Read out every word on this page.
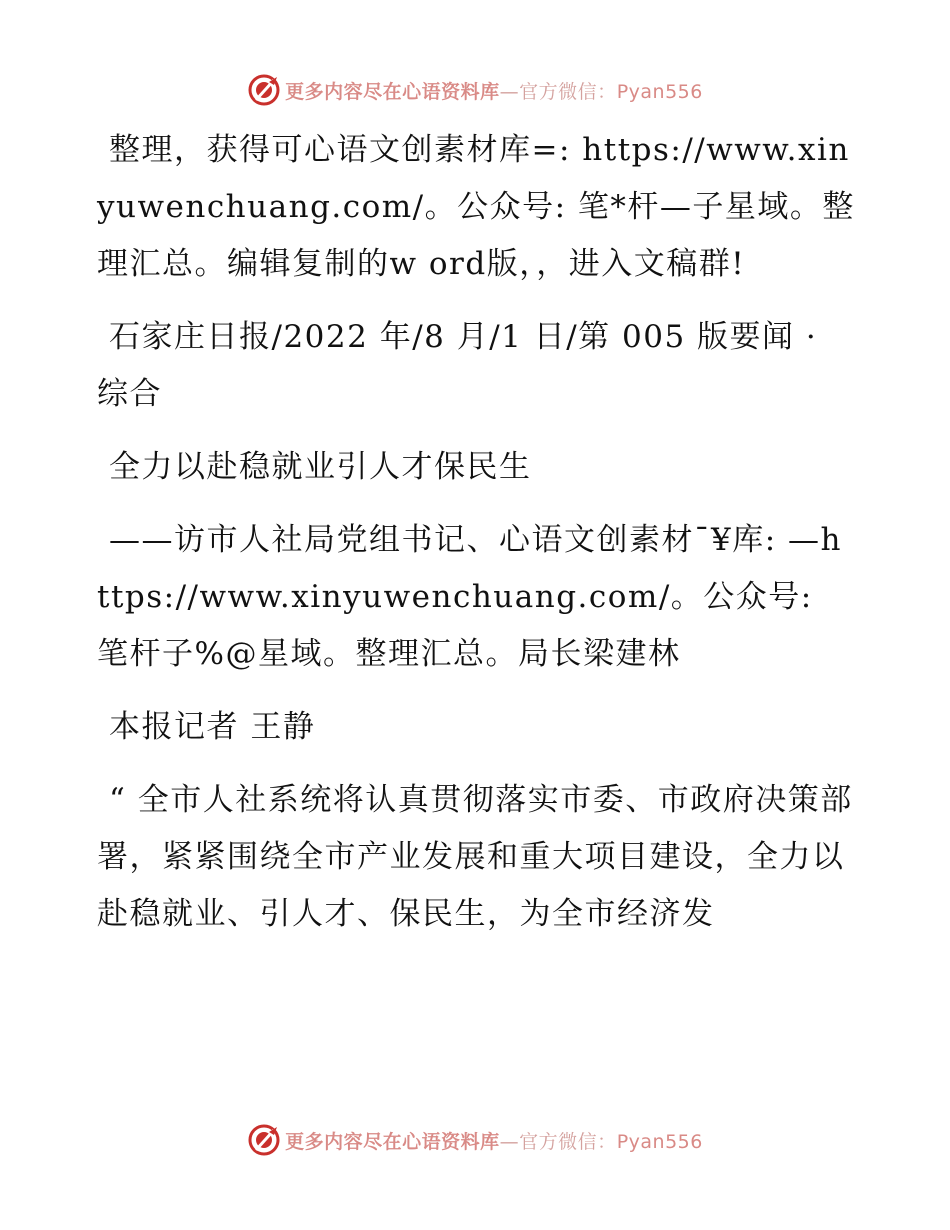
更多内容尽在心语资料库—官方微信：Pyan556

整理，获得可心语文创素材库=: https://www.xinyuwenchuang.com/。公众号: 笔*杆—子星域。整理汇总。编辑复制的w ord版，，进入文稿群!

石家庄日报/2022 年/8 月/1 日/第 005 版要闻 · 综合

全力以赴稳就业引人才保民生

——访市人社局党组书记、心语文创素材¯¥库: —https://www.xinyuwenchuang.com/。公众号: 笔杆子%@星域。整理汇总。局长梁建林

本报记者 王静

“ 全市人社系统将认真贯彻落实市委、市政府决策部署，紧紧围绕全市产业发展和重大项目建设，全力以赴稳就业、引人才、保民生，为全市经济发

更多内容尽在心语资料库—官方微信：Pyan556
